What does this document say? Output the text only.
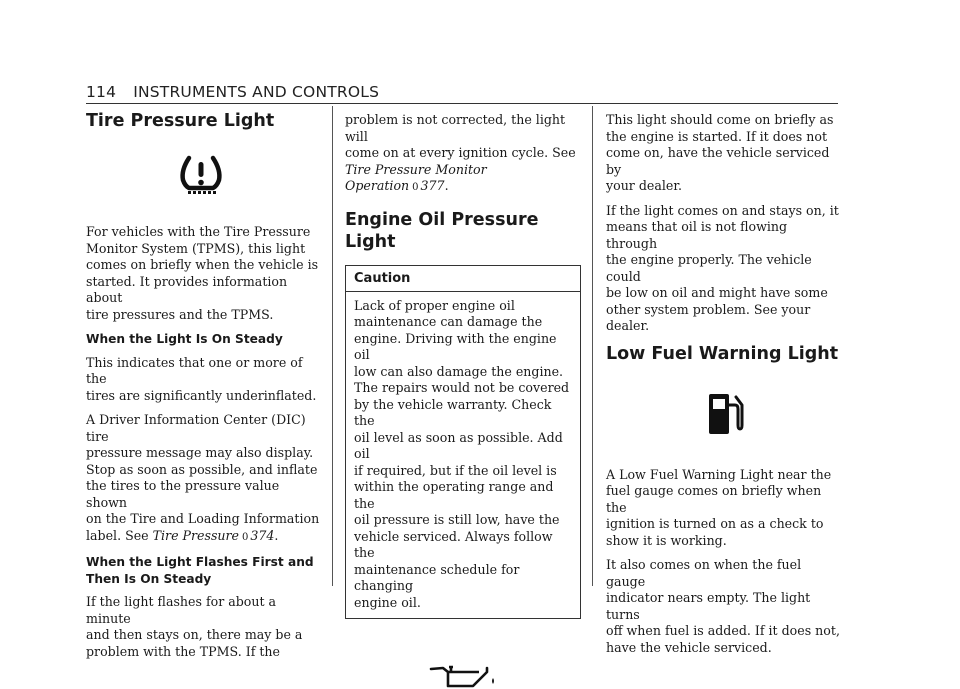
114 INSTRUMENTS AND CONTROLS
Tire Pressure Light

For vehicles with the Tire Pressure
Monitor System (TPMS), this light
comes on briefly when the vehicle is
started. It provides information about
tire pressures and the TPMS.

When the Light Is On Steady

This indicates that one or more of the
tires are significantly underinflated.

A Driver Information Center (DIC) tire
pressure message may also display.
Stop as soon as possible, and inflate
the tires to the pressure value shown
on the Tire and Loading Information
label. See Tire Pressure 0 374.

When the Light Flashes First and
Then Is On Steady

If the light flashes for about a minute
and then stays on, there may be a
problem with the TPMS. If the

problem is not corrected, the light will
come on at every ignition cycle. See
Tire Pressure Monitor Operation 0 377.

Engine Oil Pressure Light
Caution

Lack of proper engine oil
maintenance can damage the
engine. Driving with the engine oil
low can also damage the engine.
The repairs would not be covered
by the vehicle warranty. Check the
oil level as soon as possible. Add oil
if required, but if the oil level is
within the operating range and the
oil pressure is still low, have the
vehicle serviced. Always follow the
maintenance schedule for changing
engine oil.

This light should come on briefly as
the engine is started. If it does not
come on, have the vehicle serviced by
your dealer.

If the light comes on and stays on, it
means that oil is not flowing through
the engine properly. The vehicle could
be low on oil and might have some
other system problem. See your dealer.

Low Fuel Warning Light

A Low Fuel Warning Light near the
fuel gauge comes on briefly when the
ignition is turned on as a check to
show it is working.

It also comes on when the fuel gauge
indicator nears empty. The light turns
off when fuel is added. If it does not,
have the vehicle serviced.
